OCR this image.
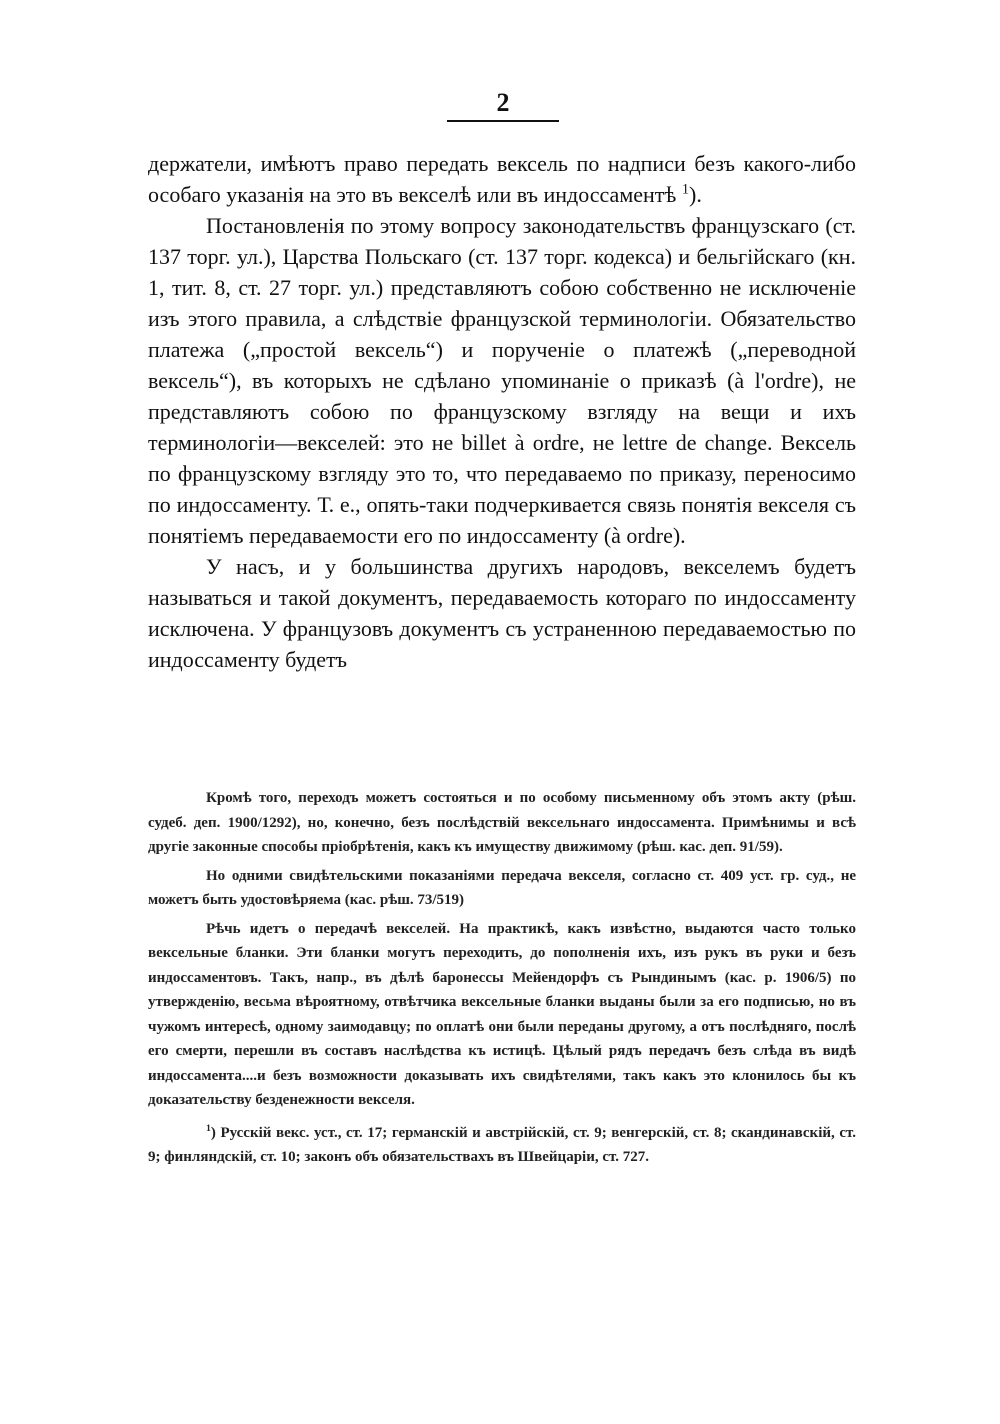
2

держатели, имѣютъ право передать вексель по надписи безъ какого-либо особаго указанія на это въ векселѣ или въ индоссаментѣ $^1$).

Постановленія по этому вопросу законодательствъ французскаго (ст. 137 торг. ул.), Царства Польскаго (ст. 137 торг. кодекса) и бельгійскаго (кн. 1, тит. 8, ст. 27 торг. ул.) представляютъ собою собственно не исключеніе изъ этого правила, а слѣдствіе французской терминологіи. Обязательство платежа („простой вексель“) и порученіе о платежѣ („переводной вексель“), въ которыхъ не сдѣлано упоминаніе о приказѣ (à l'ordre), не представляютъ собою по французскому взгляду на вещи и ихъ терминологіи—векселей: это не billet à ordre, не lettre de change. Вексель по французскому взгляду это то, что передаваемо по приказу, переносимо по индоссаменту. Т. е., опять-таки подчеркивается связь понятія векселя съ понятіемъ передаваемости его по индоссаменту (à ordre).

У насъ, и у большинства другихъ народовъ, векселемъ будетъ называться и такой документъ, передаваемость котораго по индоссаменту исключена. У французовъ документъ съ устраненною передаваемостью по индоссаменту будетъ

Кромѣ того, переходъ можетъ состояться и по особому письменному объ этомъ акту (рѣш. судеб. деп. 1900/1292), но, конечно, безъ послѣдствій вексельнаго индоссамента. Примѣнимы и всѣ другіе законные способы пріобрѣтенія, какъ къ имуществу движимому (рѣш. кас. деп. 91/59).

Но одними свидѣтельскими показаніями передача векселя, согласно ст. 409 уст. гр. суд., не можетъ быть удостовѣряема (кас. рѣш. 73/519)

Рѣчь идетъ о передачѣ векселей. На практикѣ, какъ извѣстно, выдаются часто только вексельные бланки. Эти бланки могутъ переходить, до пополненія ихъ, изъ рукъ въ руки и безъ индоссаментовъ. Такъ, напр., въ дѣлѣ баронессы Мейендорфъ съ Рындинымъ (кас. р. 1906/5) по утвержденію, весьма вѣроятному, отвѣтчика вексельные бланки выданы были за его подписью, но въ чужомъ интересѣ, одному заимодавцу; по оплатѣ они были переданы другому, а отъ послѣдняго, послѣ его смерти, перешли въ составъ наслѣдства къ истицѣ. Цѣлый рядъ передачъ безъ слѣда въ видѣ индоссамента....и безъ возможности доказывать ихъ свидѣтелями, такъ какъ это клонилось бы къ доказательству безденежности векселя.

$^1$) Русскій векс. уст., ст. 17; германскій и австрійскій, ст. 9; венгерскій, ст. 8; скандинавскій, ст. 9; финляндскій, ст. 10; законъ объ обязательствахъ въ Швейцаріи, ст. 727.
